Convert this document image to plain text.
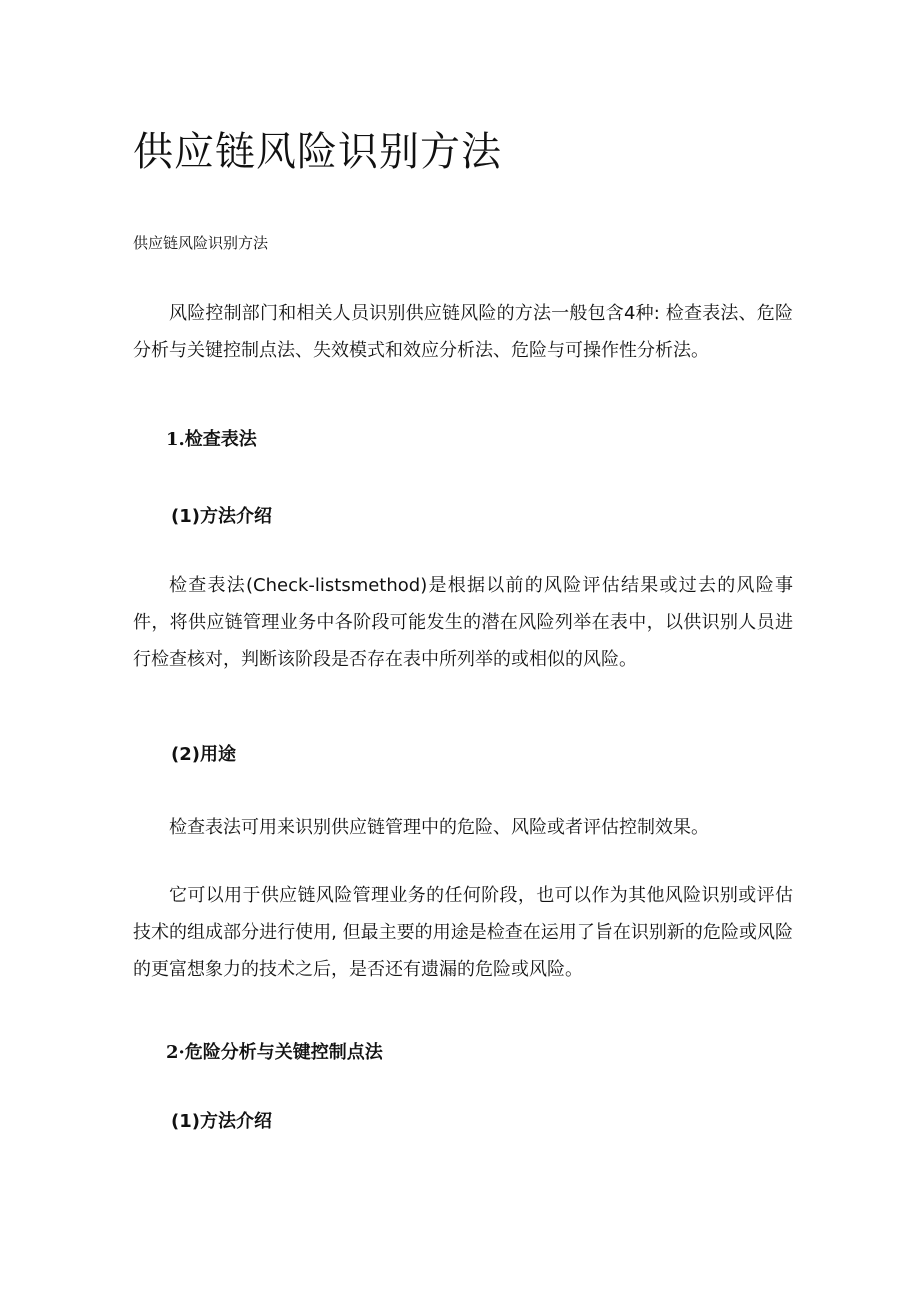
供应链风险识别方法

供应链风险识别方法

风险控制部门和相关人员识别供应链风险的方法一般包含4种: 检查表法、危险分析与关键控制点法、失效模式和效应分析法、危险与可操作性分析法。

1.检查表法
(1)方法介绍

检查表法(Check-listsmethod)是根据以前的风险评估结果或过去的风险事件，将供应链管理业务中各阶段可能发生的潜在风险列举在表中，以供识别人员进行检查核对，判断该阶段是否存在表中所列举的或相似的风险。

(2)用途

检查表法可用来识别供应链管理中的危险、风险或者评估控制效果。

它可以用于供应链风险管理业务的任何阶段，也可以作为其他风险识别或评估技术的组成部分进行使用, 但最主要的用途是检查在运用了旨在识别新的危险或风险的更富想象力的技术之后，是否还有遗漏的危险或风险。

2·危险分析与关键控制点法
(1)方法介绍
